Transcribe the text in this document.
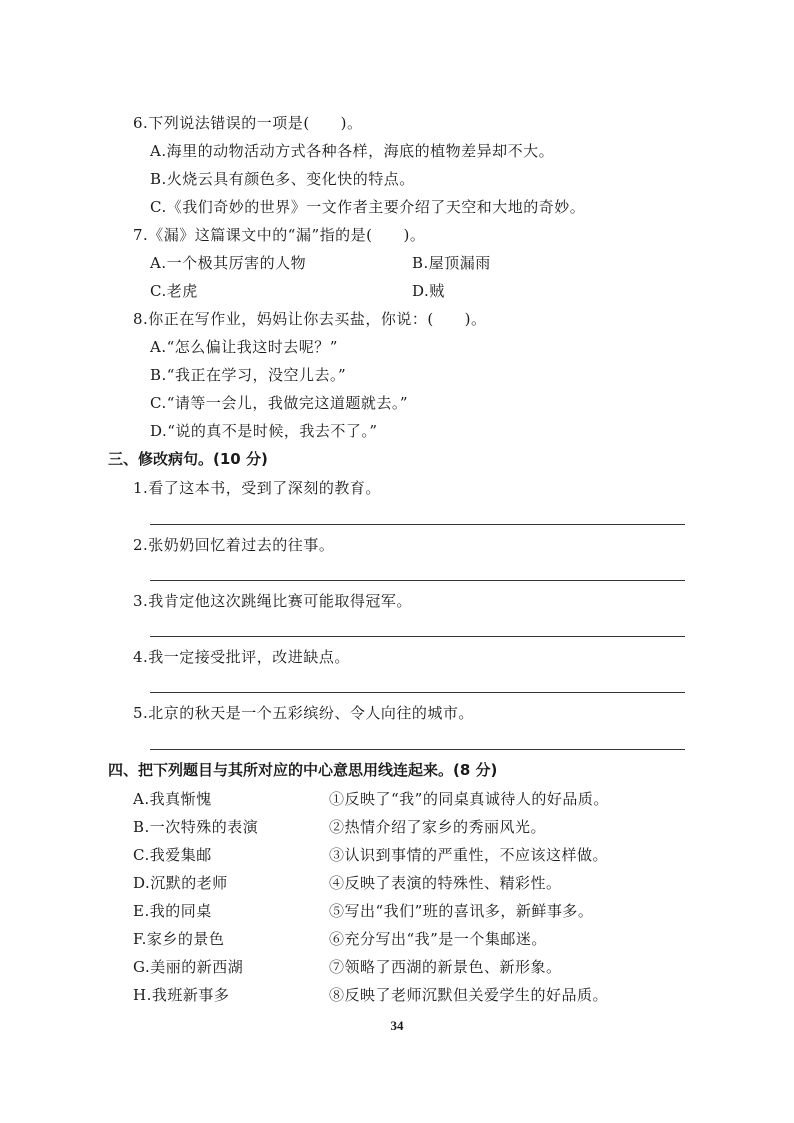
6.下列说法错误的一项是(　　)。
A.海里的动物活动方式各种各样，海底的植物差异却不大。
B.火烧云具有颜色多、变化快的特点。
C.《我们奇妙的世界》一文作者主要介绍了天空和大地的奇妙。
7.《漏》这篇课文中的“漏”指的是(　　)。
A.一个极其厉害的人物	B.屋顶漏雨
C.老虎	D.贼
8.你正在写作业，妈妈让你去买盐，你说：(　　)。
A.“怎么偏让我这时去呢？”
B.“我正在学习，没空儿去。”
C.“请等一会儿，我做完这道题就去。”
D.“说的真不是时候，我去不了。”
三、修改病句。(10 分)
1.看了这本书，受到了深刻的教育。
2.张奶奶回忆着过去的往事。
3.我肯定他这次跳绳比赛可能取得冠军。
4.我一定接受批评，改进缺点。
5.北京的秋天是一个五彩缤纷、令人向往的城市。
四、把下列题目与其所对应的中心意思用线连起来。(8 分)
A.我真惭愧	①反映了“我”的同桌真诚待人的好品质。
B.一次特殊的表演	②热情介绍了家乡的秀丽风光。
C.我爱集邮	③认识到事情的严重性，不应该这样做。
D.沉默的老师	④反映了表演的特殊性、精彩性。
E.我的同桌	⑤写出“我们”班的喜讯多，新鲜事多。
F.家乡的景色	⑥充分写出“我”是一个集邮迷。
G.美丽的新西湖	⑦领略了西湖的新景色、新形象。
H.我班新事多	⑧反映了老师沉默但关爱学生的好品质。
34
